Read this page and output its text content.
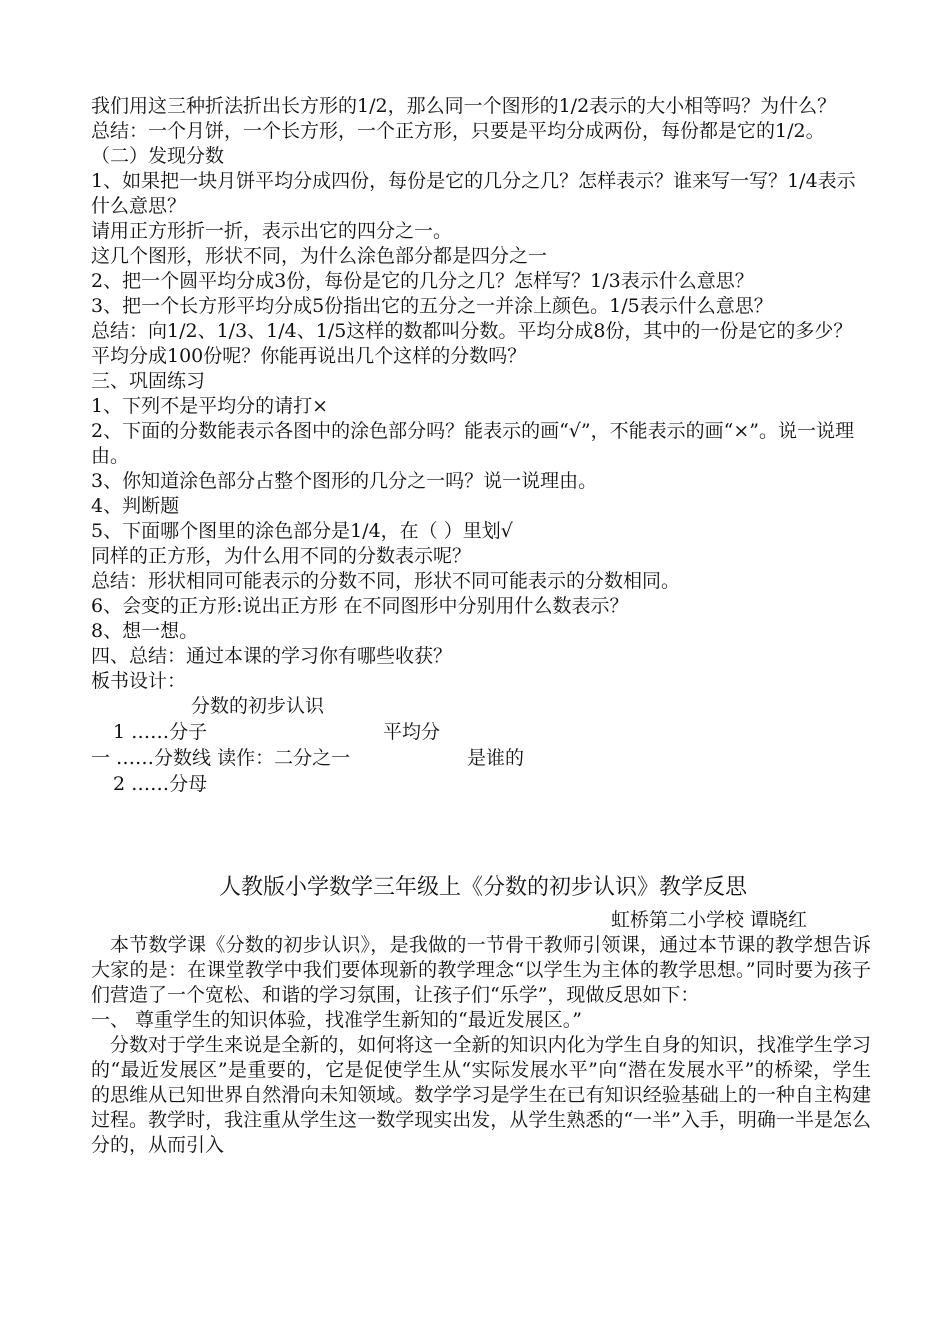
我们用这三种折法折出长方形的1/2，那么同一个图形的1/2表示的大小相等吗？为什么？
总结：一个月饼，一个长方形，一个正方形，只要是平均分成两份，每份都是它的1/2。
（二）发现分数
1、如果把一块月饼平均分成四份，每份是它的几分之几？怎样表示？谁来写一写？1/4表示什么意思？
请用正方形折一折，表示出它的四分之一。
这几个图形，形状不同，为什么涂色部分都是四分之一
2、把一个圆平均分成3份，每份是它的几分之几？怎样写？1/3表示什么意思？
3、把一个长方形平均分成5份指出它的五分之一并涂上颜色。1/5表示什么意思？
总结：向1/2、1/3、1/4、1/5这样的数都叫分数。平均分成8份，其中的一份是它的多少？平均分成100份呢？你能再说出几个这样的分数吗？
三、巩固练习
1、下列不是平均分的请打×
2、下面的分数能表示各图中的涂色部分吗？能表示的画“√”，不能表示的画“×”。说一说理由。
3、你知道涂色部分占整个图形的几分之一吗？说一说理由。
4、判断题
5、下面哪个图里的涂色部分是1/4，在（ ）里划√
同样的正方形，为什么用不同的分数表示呢？
总结：形状相同可能表示的分数不同，形状不同可能表示的分数相同。
6、会变的正方形:说出正方形 在不同图形中分别用什么数表示？
8、想一想。
四、总结：通过本课的学习你有哪些收获？
板书设计：
分数的初步认识
1 ……分子	平均分
一 ……分数线 读作：二分之一	是谁的
2 ……分母
人教版小学数学三年级上《分数的初步认识》教学反思
虹桥第二小学校 谭晓红
本节数学课《分数的初步认识》，是我做的一节骨干教师引领课，通过本节课的教学想告诉大家的是：在课堂教学中我们要体现新的教学理念“以学生为主体的教学思想。”同时要为孩子们营造了一个宽松、和谐的学习氛围，让孩子们“乐学”，现做反思如下：
一、 尊重学生的知识体验，找准学生新知的“最近发展区。”
分数对于学生来说是全新的，如何将这一全新的知识内化为学生自身的知识，找准学生学习的“最近发展区”是重要的，它是促使学生从“实际发展水平”向“潜在发展水平”的桥梁，学生的思维从已知世界自然滑向未知领域。数学学习是学生在已有知识经验基础上的一种自主构建过程。教学时，我注重从学生这一数学现实出发，从学生熟悉的“一半”入手，明确一半是怎么分的，从而引入
